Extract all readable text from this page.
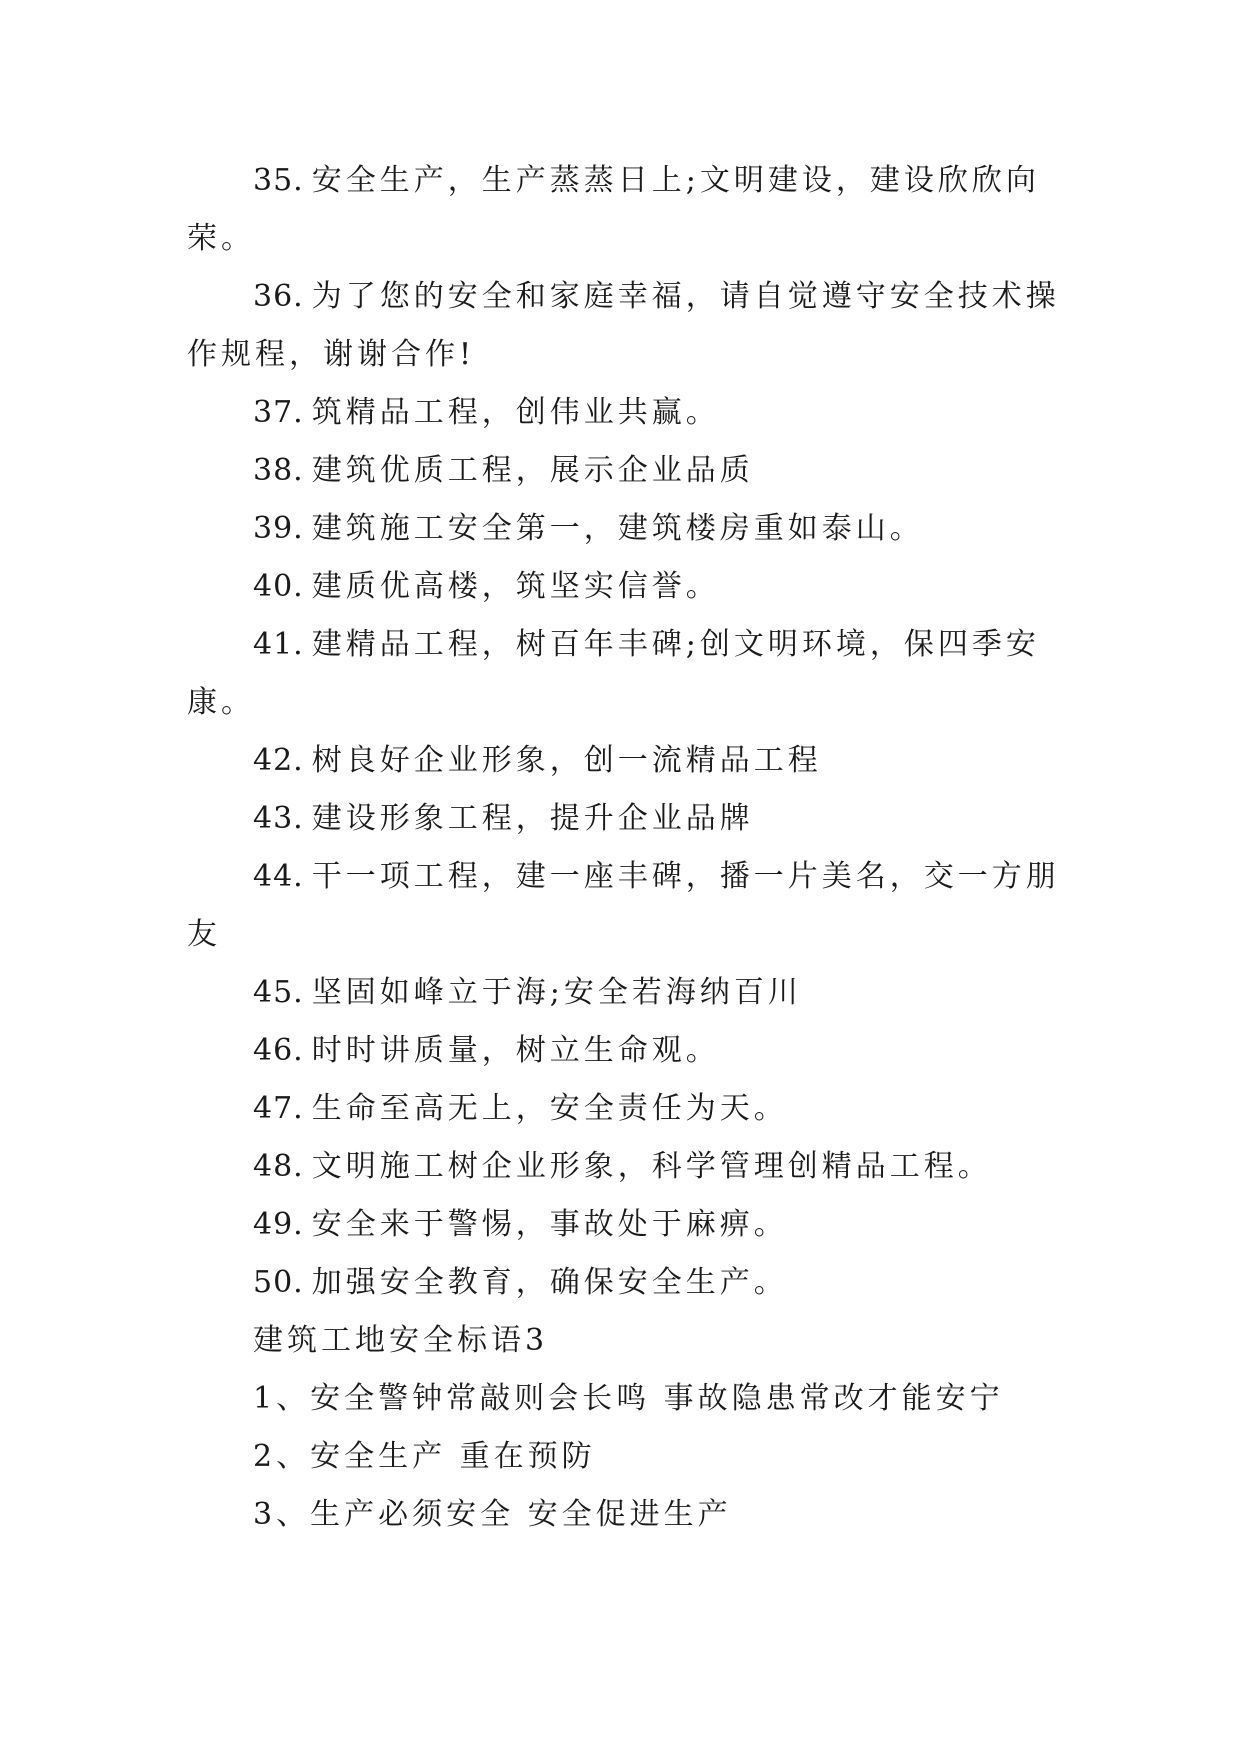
35. 安全生产，生产蒸蒸日上;文明建设，建设欣欣向荣。

36. 为了您的安全和家庭幸福，请自觉遵守安全技术操作规程，谢谢合作!

37. 筑精品工程，创伟业共赢。

38. 建筑优质工程，展示企业品质

39. 建筑施工安全第一，建筑楼房重如泰山。

40. 建质优高楼，筑坚实信誉。

41. 建精品工程，树百年丰碑;创文明环境，保四季安康。

42. 树良好企业形象，创一流精品工程

43. 建设形象工程，提升企业品牌

44. 干一项工程，建一座丰碑，播一片美名，交一方朋友

45. 坚固如峰立于海;安全若海纳百川

46. 时时讲质量，树立生命观。

47. 生命至高无上，安全责任为天。

48. 文明施工树企业形象，科学管理创精品工程。

49. 安全来于警惕，事故处于麻痹。

50. 加强安全教育，确保安全生产。

建筑工地安全标语3

1、安全警钟常敲则会长鸣 事故隐患常改才能安宁

2、安全生产 重在预防

3、生产必须安全 安全促进生产
